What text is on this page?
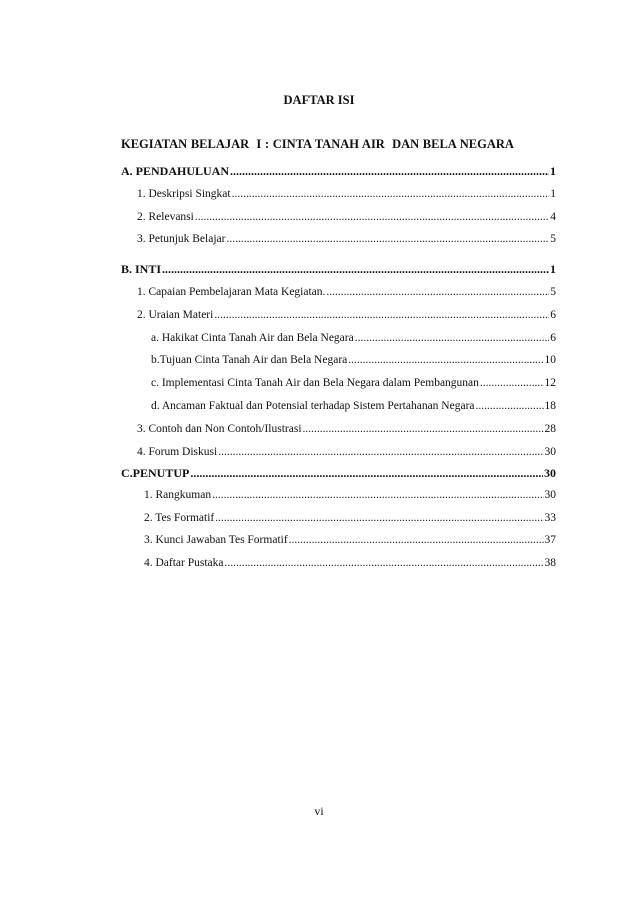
DAFTAR ISI
KEGIATAN BELAJAR  I : CINTA TANAH AIR  DAN BELA NEGARA
A. PENDAHULUAN .....	1
1. Deskripsi Singkat .....	1
2. Relevansi .....	4
3. Petunjuk Belajar .....	5
B. INTI .....	1
1. Capaian Pembelajaran Mata Kegiatan. .....	5
2. Uraian Materi .....	6
a. Hakikat Cinta Tanah Air dan Bela Negara .....	6
b.Tujuan Cinta Tanah Air dan Bela Negara .....	10
c. Implementasi Cinta Tanah Air dan Bela Negara dalam Pembangunan .....	12
d. Ancaman Faktual dan Potensial terhadap Sistem Pertahanan Negara .....	18
3. Contoh dan Non Contoh/Ilustrasi .....	28
4. Forum Diskusi .....	30
C.PENUTUP .....	30
1. Rangkuman .....	30
2. Tes Formatif .....	33
3. Kunci Jawaban Tes Formatif .....	37
4. Daftar Pustaka .....	38
vi
